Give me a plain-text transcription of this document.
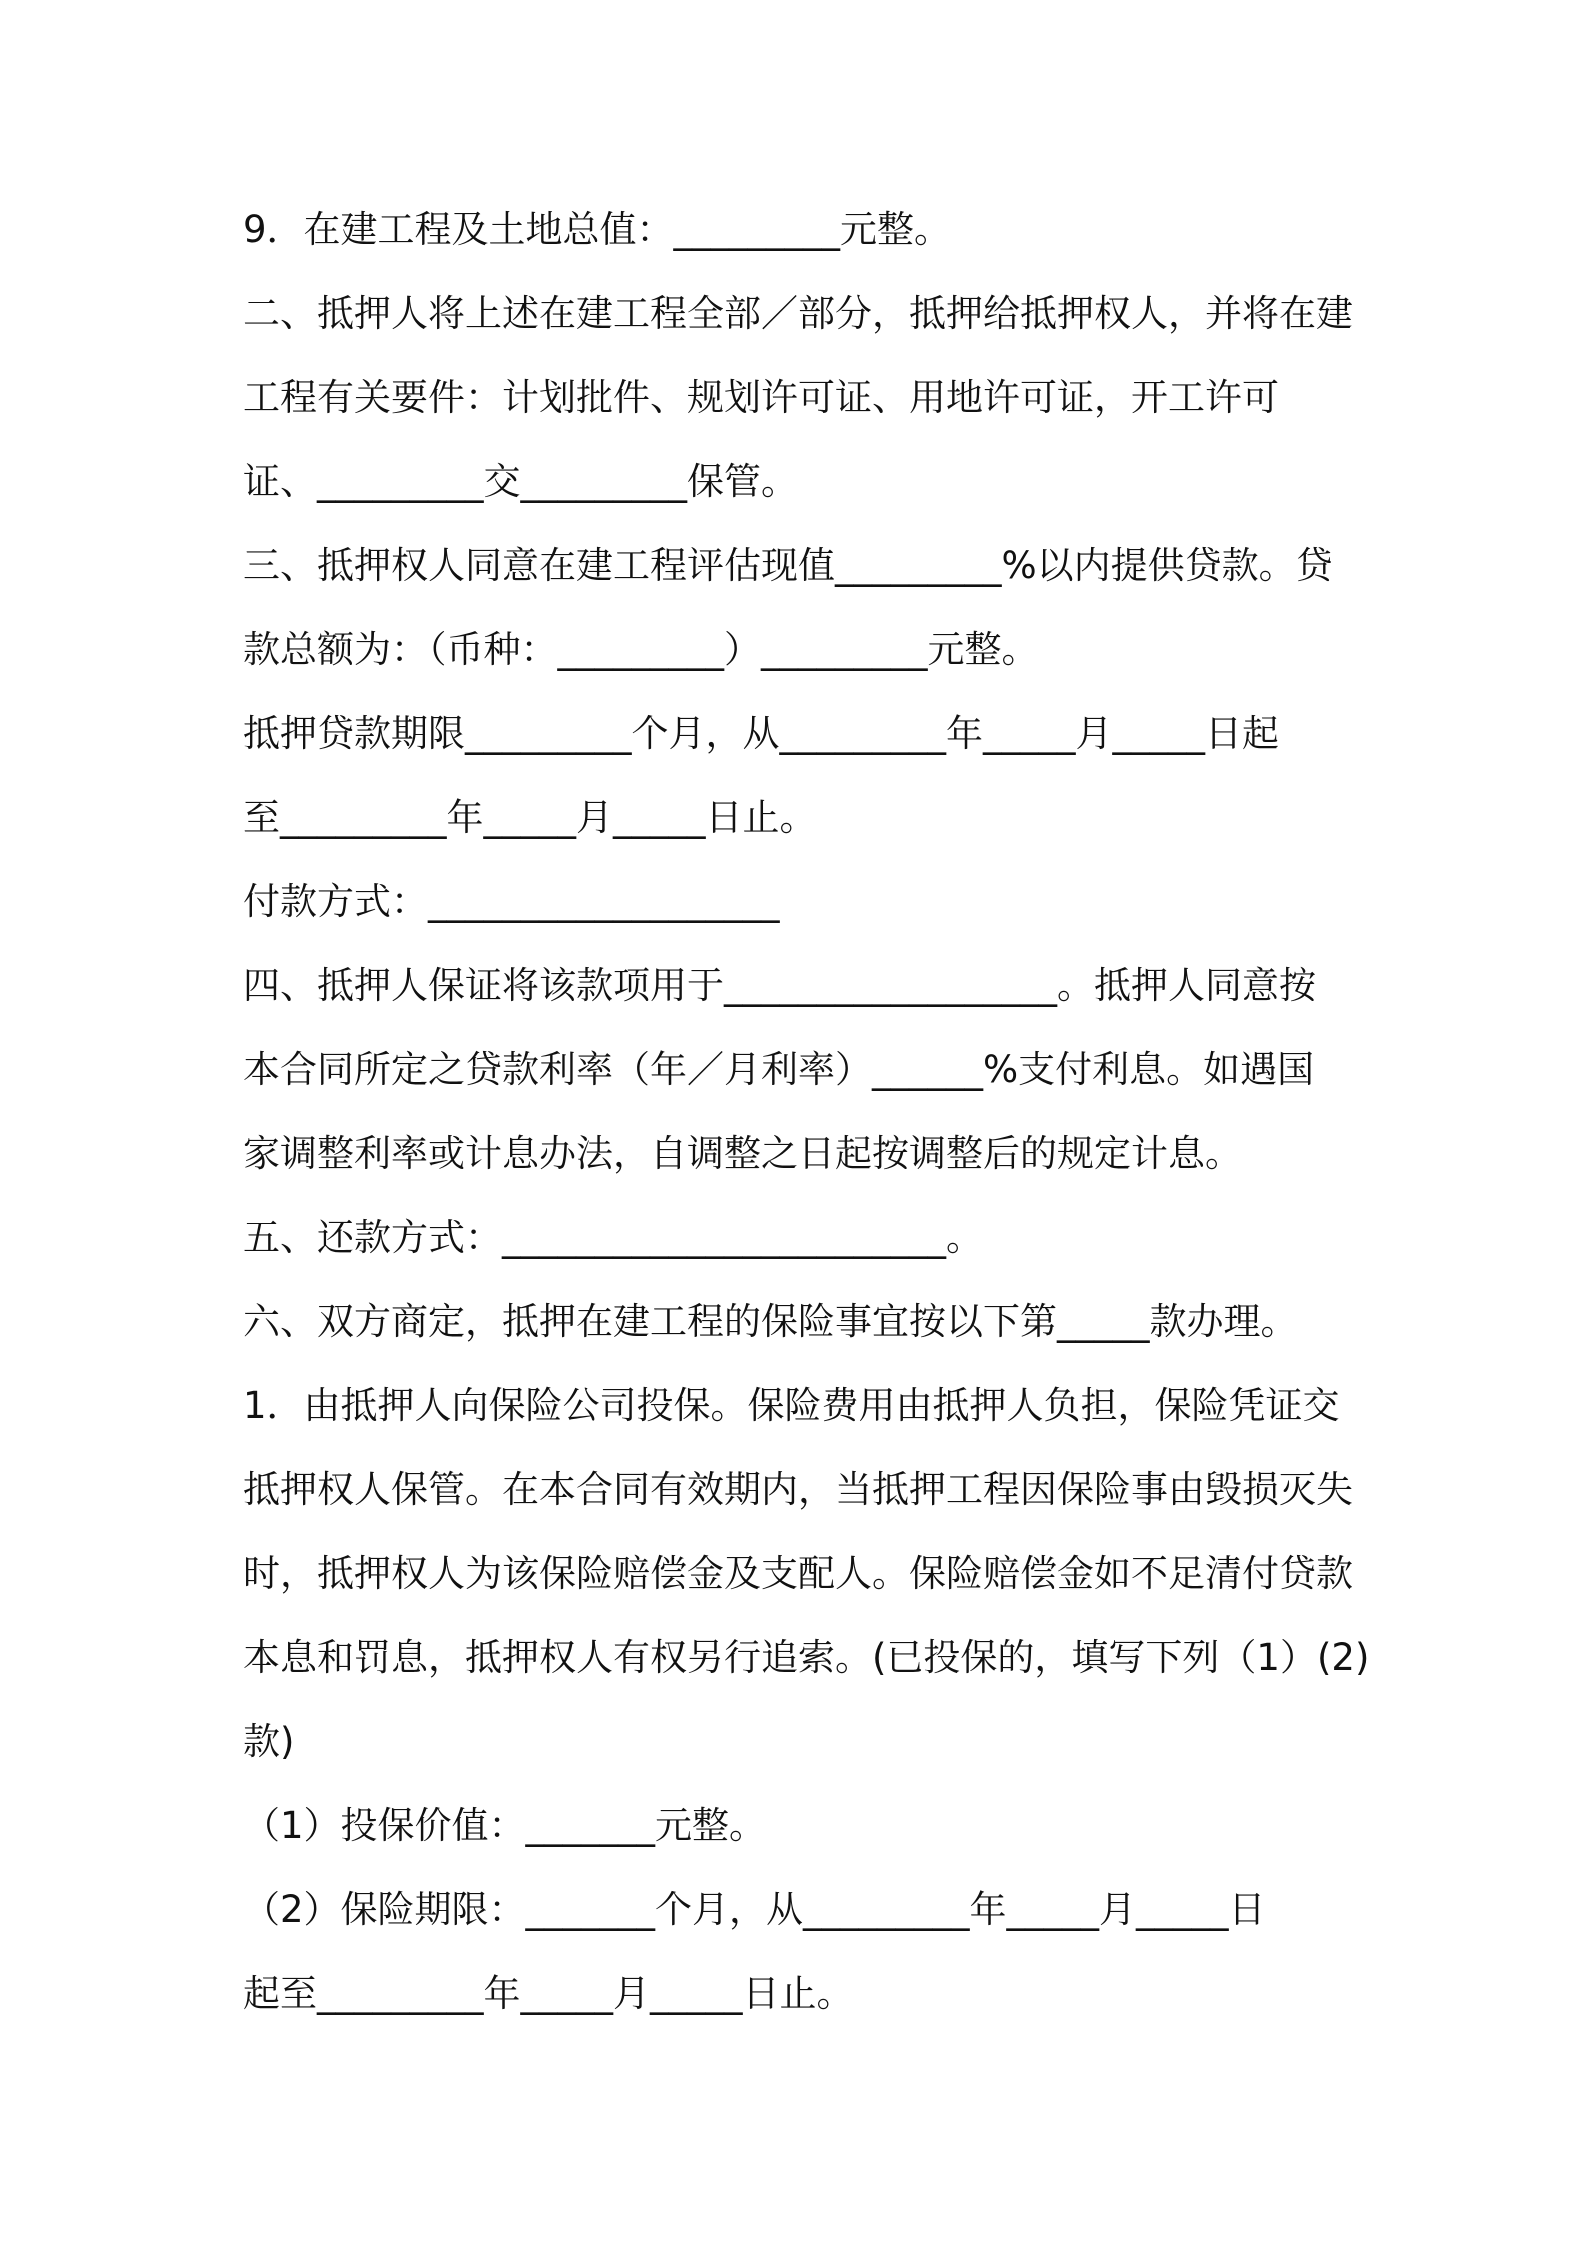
9．在建工程及土地总值：_________元整。
二、抵押人将上述在建工程全部／部分，抵押给抵押权人，并将在建
工程有关要件：计划批件、规划许可证、用地许可证，开工许可
证、_________交_________保管。
三、抵押权人同意在建工程评估现值_________%以内提供贷款。贷
款总额为：（币种：_________）_________元整。
抵押贷款期限_________个月，从_________年_____月_____日起
至_________年_____月_____日止。
付款方式：___________________
四、抵押人保证将该款项用于__________________。抵押人同意按
本合同所定之贷款利率（年／月利率）______%支付利息。如遇国
家调整利率或计息办法，自调整之日起按调整后的规定计息。
五、还款方式：________________________。
六、双方商定，抵押在建工程的保险事宜按以下第_____款办理。
1．由抵押人向保险公司投保。保险费用由抵押人负担，保险凭证交
抵押权人保管。在本合同有效期内，当抵押工程因保险事由毁损灭失
时，抵押权人为该保险赔偿金及支配人。保险赔偿金如不足清付贷款
本息和罚息，抵押权人有权另行追索。(已投保的，填写下列（1）(2)
款)
（1）投保价值：_______元整。
（2）保险期限：_______个月，从_________年_____月_____日
起至_________年_____月_____日止。
